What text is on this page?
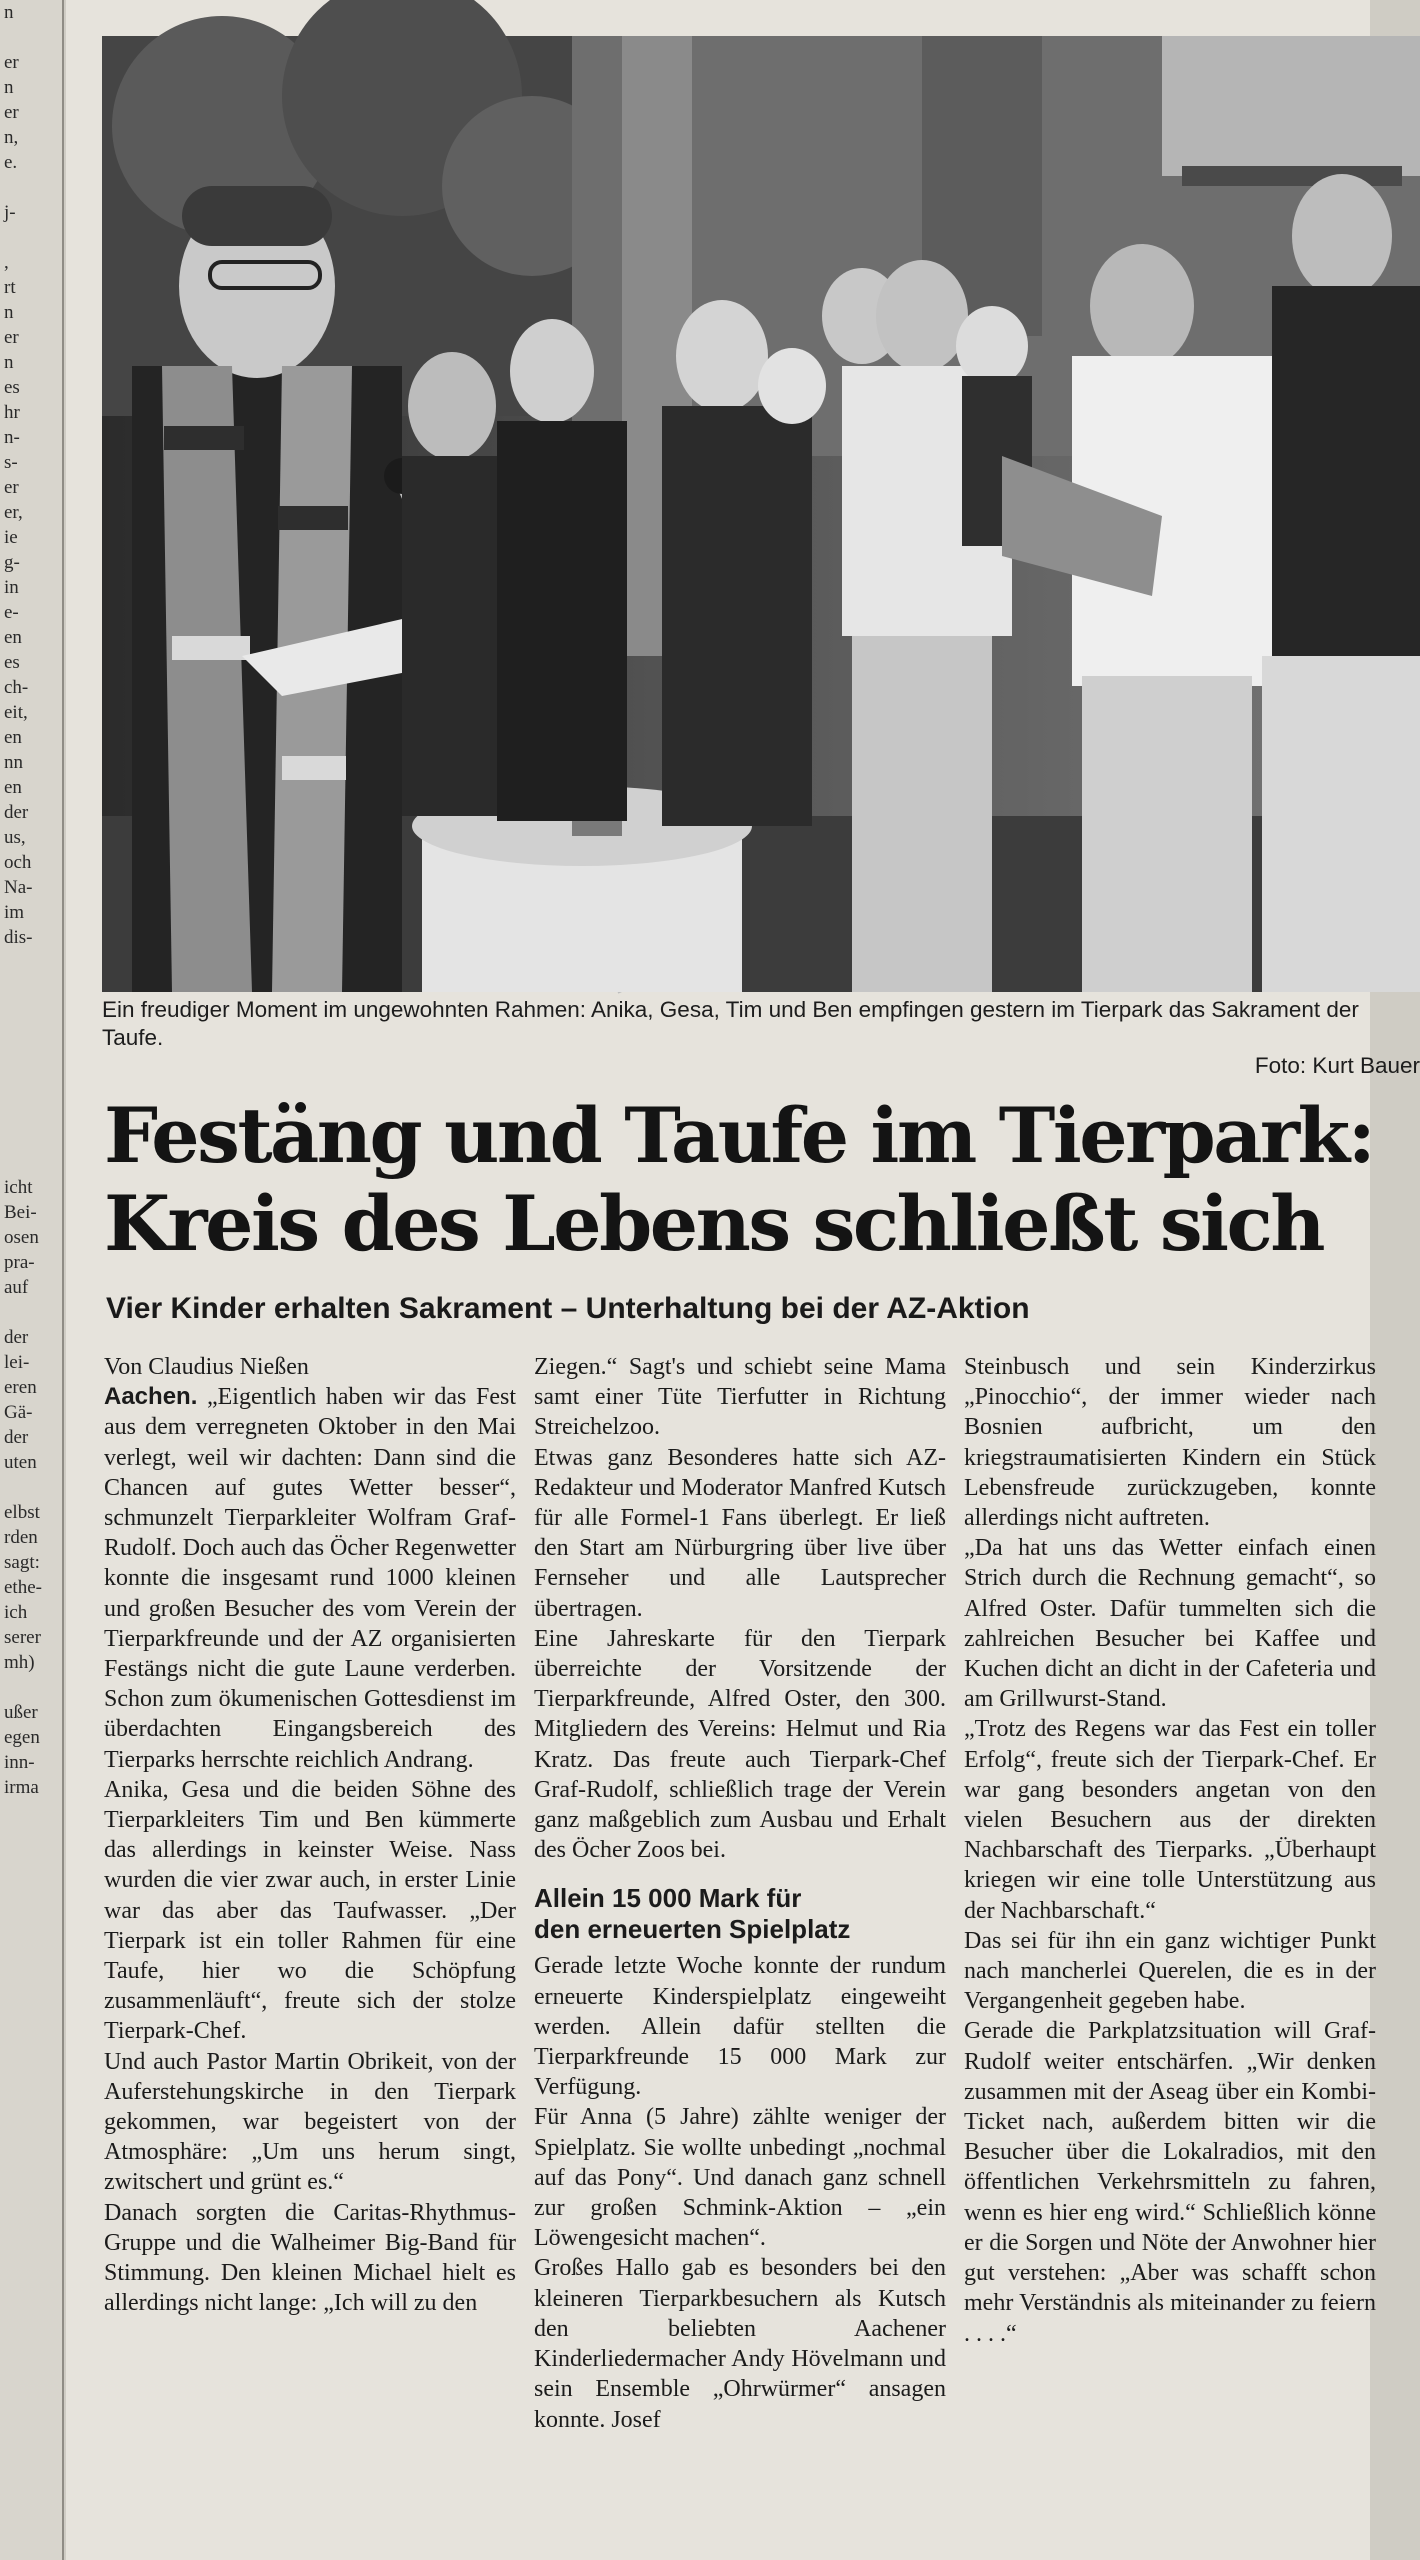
n

er
n
er
n,
e.

j-

,
rt
n
er
n
es
hr
n-
s-
er
er,
ie
g-
in
e-
en
es
ch-
eit,
en
nn
en
der
us,
och
Na-
im
dis-

icht
Bei-
osen
pra-
auf

der
lei-
eren
Gä-
der
uten

elbst
rden
sagt:
ethe-
ich
serer
mh)

ußer
egen
inn-
irma
Ein freudiger Moment im ungewohnten Rahmen: Anika, Gesa, Tim und Ben empfingen gestern im Tierpark das Sakrament der Taufe.
Foto: Kurt Bauer
Festäng und Taufe im Tierpark:
Kreis des Lebens schließt sich
Vier Kinder erhalten Sakrament – Unterhaltung bei der AZ-Aktion

Von Claudius Nießen

Aachen. „Eigentlich haben wir das Fest aus dem verregneten Oktober in den Mai verlegt, weil wir dachten: Dann sind die Chancen auf gutes Wetter besser“, schmunzelt Tierparkleiter Wolfram Graf-Rudolf. Doch auch das Öcher Regenwetter konnte die insgesamt rund 1000 kleinen und großen Besucher des vom Verein der Tierparkfreunde und der AZ organisierten Festängs nicht die gute Laune verderben. Schon zum ökumenischen Gottesdienst im überdachten Eingangsbereich des Tierparks herrschte reichlich Andrang.

Anika, Gesa und die beiden Söhne des Tierparkleiters Tim und Ben kümmerte das allerdings in keinster Weise. Nass wurden die vier zwar auch, in erster Linie war das aber das Taufwasser. „Der Tierpark ist ein toller Rahmen für eine Taufe, hier wo die Schöpfung zusammenläuft“, freute sich der stolze Tierpark-Chef.

Und auch Pastor Martin Obrikeit, von der Auferstehungskirche in den Tierpark gekommen, war begeistert von der Atmosphäre: „Um uns herum singt, zwitschert und grünt es.“

Danach sorgten die Caritas-Rhythmus-Gruppe und die Walheimer Big-Band für Stimmung. Den kleinen Michael hielt es allerdings nicht lange: „Ich will zu den

Ziegen.“ Sagt's und schiebt seine Mama samt einer Tüte Tierfutter in Richtung Streichelzoo.

Etwas ganz Besonderes hatte sich AZ-Redakteur und Moderator Manfred Kutsch für alle Formel-1 Fans überlegt. Er ließ den Start am Nürburgring über live über Fernseher und alle Lautsprecher übertragen.

Eine Jahreskarte für den Tierpark überreichte der Vorsitzende der Tierparkfreunde, Alfred Oster, den 300. Mitgliedern des Vereins: Helmut und Ria Kratz. Das freute auch Tierpark-Chef Graf-Rudolf, schließlich trage der Verein ganz maßgeblich zum Ausbau und Erhalt des Öcher Zoos bei.

Allein 15 000 Mark für
den erneuerten Spielplatz

Gerade letzte Woche konnte der rundum erneuerte Kinderspielplatz eingeweiht werden. Allein dafür stellten die Tierparkfreunde 15 000 Mark zur Verfügung.

Für Anna (5 Jahre) zählte weniger der Spielplatz. Sie wollte unbedingt „nochmal auf das Pony“. Und danach ganz schnell zur großen Schmink-Aktion – „ein Löwengesicht machen“.

Großes Hallo gab es besonders bei den kleineren Tierparkbesuchern als Kutsch den beliebten Aachener Kinderliedermacher Andy Hövelmann und sein Ensemble „Ohrwürmer“ ansagen konnte. Josef

Steinbusch und sein Kinderzirkus „Pinocchio“, der immer wieder nach Bosnien aufbricht, um den kriegstraumatisierten Kindern ein Stück Lebensfreude zurückzugeben, konnte allerdings nicht auftreten.

„Da hat uns das Wetter einfach einen Strich durch die Rechnung gemacht“, so Alfred Oster. Dafür tummelten sich die zahlreichen Besucher bei Kaffee und Kuchen dicht an dicht in der Cafeteria und am Grillwurst-Stand.

„Trotz des Regens war das Fest ein toller Erfolg“, freute sich der Tierpark-Chef. Er war gang besonders angetan von den vielen Besuchern aus der direkten Nachbarschaft des Tierparks. „Überhaupt kriegen wir eine tolle Unterstützung aus der Nachbarschaft.“

Das sei für ihn ein ganz wichtiger Punkt nach mancherlei Querelen, die es in der Vergangenheit gegeben habe.

Gerade die Parkplatzsituation will Graf-Rudolf weiter entschärfen. „Wir denken zusammen mit der Aseag über ein Kombi-Ticket nach, außerdem bitten wir die Besucher über die Lokalradios, mit den öffentlichen Verkehrsmitteln zu fahren, wenn es hier eng wird.“ Schließlich könne er die Sorgen und Nöte der Anwohner hier gut verstehen: „Aber was schafft schon mehr Verständnis als miteinander zu feiern . . . .“
